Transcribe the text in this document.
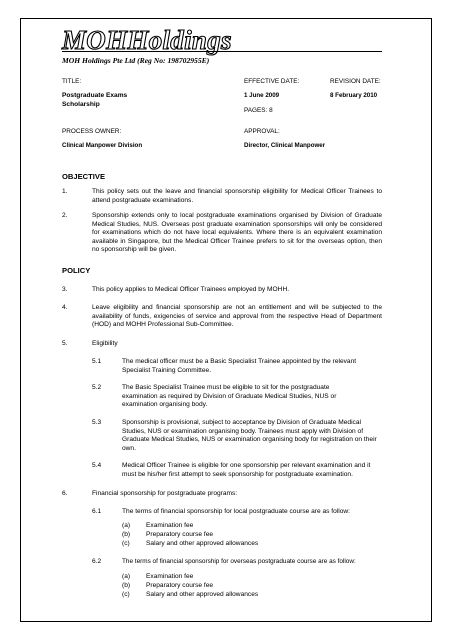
MOHHoldings
MOH Holdings Pte Ltd (Reg No: 198702955E)
TITLE:
Postgraduate Exams
Scholarship
EFFECTIVE DATE:
1 June 2009
PAGES: 8
REVISION DATE:
8 February 2010
PROCESS OWNER:
Clinical Manpower Division
APPROVAL:
Director, Clinical Manpower
OBJECTIVE
1.	This policy sets out the leave and financial sponsorship eligibility for Medical Officer Trainees to attend postgraduate examinations.
2.	Sponsorship extends only to local postgraduate examinations organised by Division of Graduate Medical Studies, NUS. Overseas post graduate examination sponsorships will only be considered for examinations which do not have local equivalents. Where there is an equivalent examination available in Singapore, but the Medical Officer Trainee prefers to sit for the overseas option, then no sponsorship will be given.
POLICY
3.	This policy applies to Medical Officer Trainees employed by MOHH.
4.	Leave eligibility and financial sponsorship are not an entitlement and will be subjected to the availability of funds, exigencies of service and approval from the respective Head of Department (HOD) and MOHH Professional Sub-Committee.
5.	Eligibility
5.1	The medical officer must be a Basic Specialist Trainee appointed by the relevant Specialist Training Committee.
5.2	The Basic Specialist Trainee must be eligible to sit for the postgraduate examination as required by Division of Graduate Medical Studies, NUS or examination organising body.
5.3	Sponsorship is provisional, subject to acceptance by Division of Graduate Medical Studies, NUS or examination organising body. Trainees must apply with Division of Graduate Medical Studies, NUS or examination organising body for registration on their own.
5.4	Medical Officer Trainee is eligible for one sponsorship per relevant examination and it must be his/her first attempt to seek sponsorship for postgraduate examination.
6.	Financial sponsorship for postgraduate programs:
6.1	The terms of financial sponsorship for local postgraduate course are as follow:
(a) Examination fee
(b) Preparatory course fee
(c) Salary and other approved allowances
6.2	The terms of financial sponsorship for overseas postgraduate course are as follow:
(a) Examination fee
(b) Preparatory course fee
(c) Salary and other approved allowances
